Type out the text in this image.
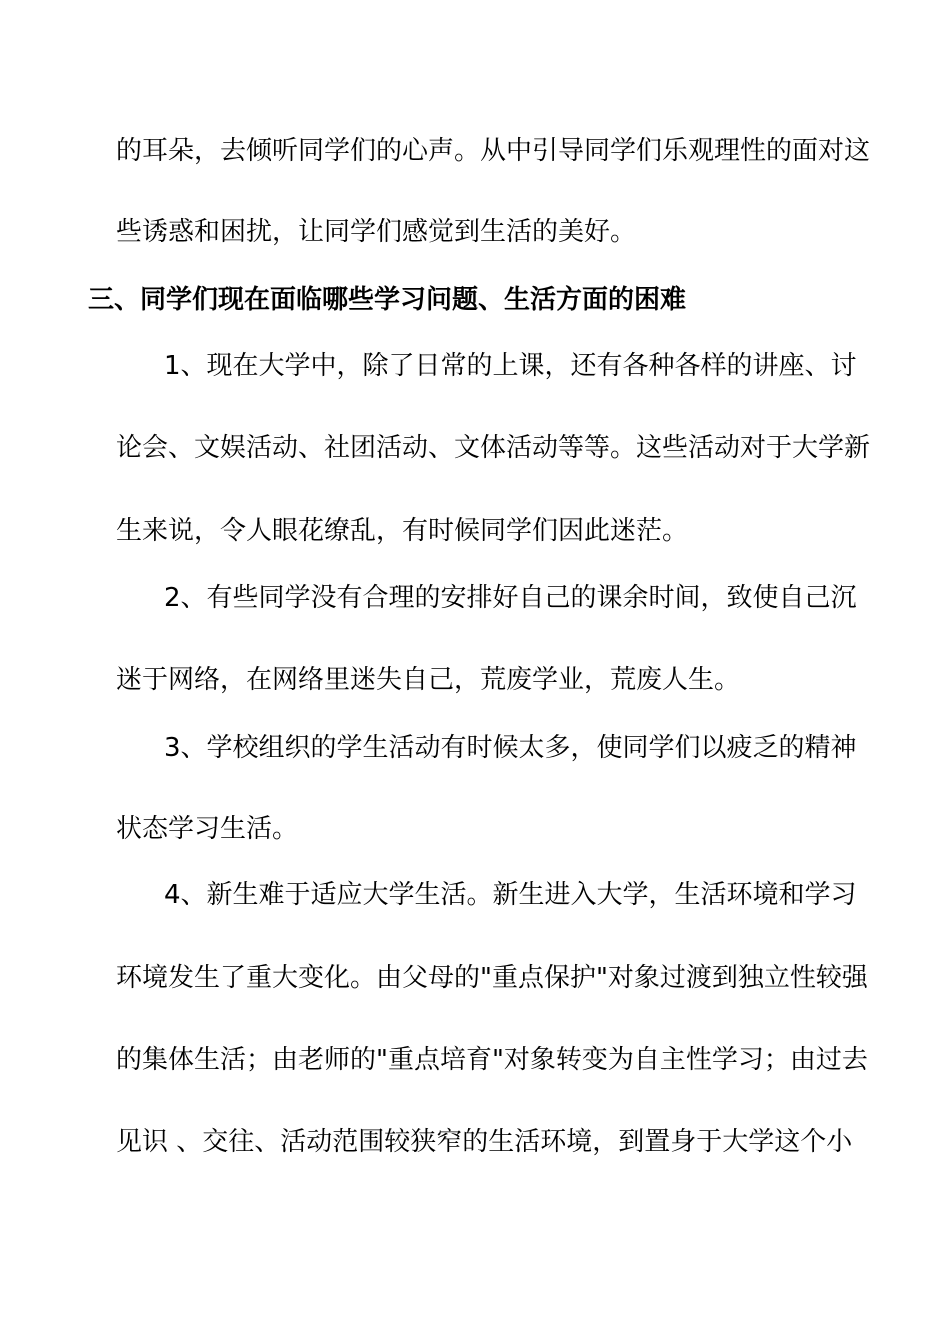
的耳朵，去倾听同学们的心声。从中引导同学们乐观理性的面对这

些诱惑和困扰，让同学们感觉到生活的美好。

三、同学们现在面临哪些学习问题、生活方面的困难

1、现在大学中，除了日常的上课，还有各种各样的讲座、讨

论会、文娱活动、社团活动、文体活动等等。这些活动对于大学新

生来说，令人眼花缭乱，有时候同学们因此迷茫。

2、有些同学没有合理的安排好自己的课余时间，致使自己沉

迷于网络，在网络里迷失自己，荒废学业，荒废人生。

3、学校组织的学生活动有时候太多，使同学们以疲乏的精神

状态学习生活。

4、新生难于适应大学生活。新生进入大学，生活环境和学习

环境发生了重大变化。由父母的"重点保护"对象过渡到独立性较强

的集体生活；由老师的"重点培育"对象转变为自主性学习；由过去

见识 、交往、活动范围较狭窄的生活环境，到置身于大学这个小
